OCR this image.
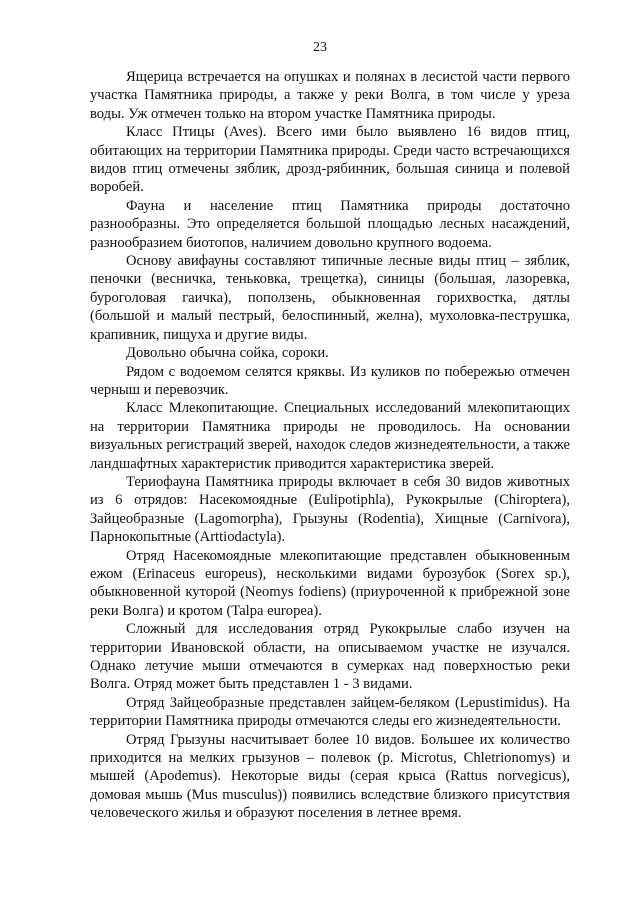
23

Ящерица встречается на опушках и полянах в лесистой части первого участка Памятника природы, а также у реки Волга, в том числе у уреза воды. Уж отмечен только на втором участке Памятника природы.

Класс Птицы (Aves). Всего ими было выявлено 16 видов птиц, обитающих на территории Памятника природы. Среди часто встречающихся видов птиц отмечены зяблик, дрозд-рябинник, большая синица и полевой воробей.

Фауна и население птиц Памятника природы достаточно разнообразны. Это определяется большой площадью лесных насаждений, разнообразием биотопов, наличием довольно крупного водоема.

Основу авифауны составляют типичные лесные виды птиц – зяблик, пеночки (весничка, теньковка, трещетка), синицы (большая, лазоревка, буроголовая гаичка), поползень, обыкновенная горихвостка, дятлы (большой и малый пестрый, белоспинный, желна), мухоловка-пеструшка, крапивник, пищуха и другие виды.

Довольно обычна сойка, сороки.

Рядом с водоемом селятся кряквы. Из куликов по побережью отмечен черныш и перевозчик.

Класс Млекопитающие. Специальных исследований млекопитающих на территории Памятника природы не проводилось. На основании визуальных регистраций зверей, находок следов жизнедеятельности, а также ландшафтных характеристик приводится характеристика зверей.

Териофауна Памятника природы включает в себя 30 видов животных из 6 отрядов: Насекомоядные (Eulipotiphla), Рукокрылые (Chiroptera), Зайцеобразные (Lagomorpha), Грызуны (Rodentia), Хищные (Carnivora), Парнокопытные (Arttiodactyla).

Отряд Насекомоядные млекопитающие представлен обыкновенным ежом (Erinaceus europeus), несколькими видами бурозубок (Sorex sp.), обыкновенной куторой (Neomys fodiens) (приуроченной к прибрежной зоне реки Волга) и кротом (Talpa europea).

Сложный для исследования отряд Рукокрылые слабо изучен на территории Ивановской области, на описываемом участке не изучался. Однако летучие мыши отмечаются в сумерках над поверхностью реки Волга. Отряд может быть представлен 1 - 3 видами.

Отряд Зайцеобразные представлен зайцем-беляком (Lepustimidus). На территории Памятника природы отмечаются следы его жизнедеятельности.

Отряд Грызуны насчитывает более 10 видов. Большее их количество приходится на мелких грызунов – полевок (р. Microtus, Chletrionomys) и мышей (Apodemus). Некоторые виды (серая крыса (Rattus norvegicus), домовая мышь (Mus musculus)) появились вследствие близкого присутствия человеческого жилья и образуют поселения в летнее время.
